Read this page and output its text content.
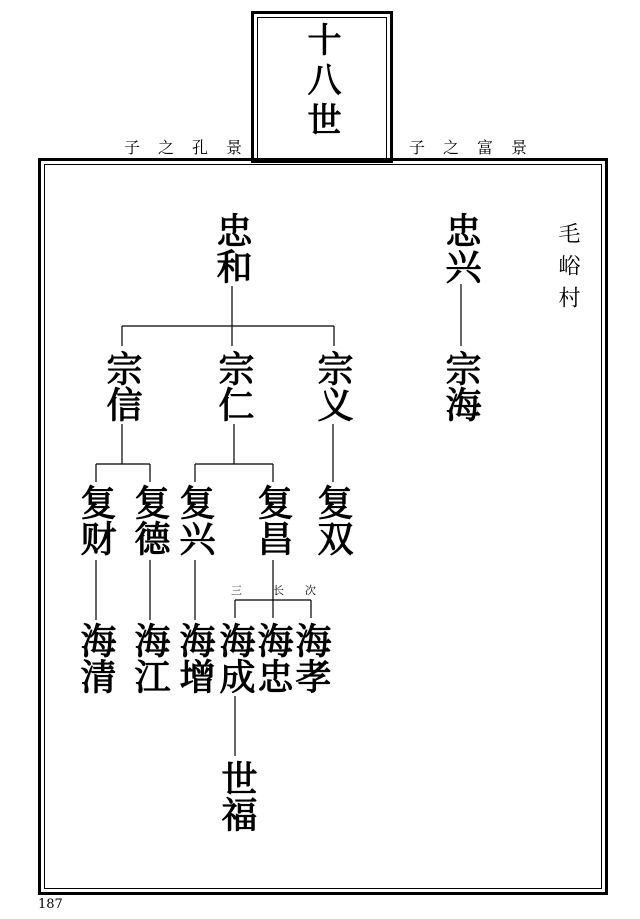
十八世
子之孔景	子之富景
毛峪村
三	长 次
忠和	忠兴
宗信 宗仁 宗义 宗海
复财 复德 复兴 复昌 复双
海清 海江 海增
海成
海忠
海孝
世福
187
